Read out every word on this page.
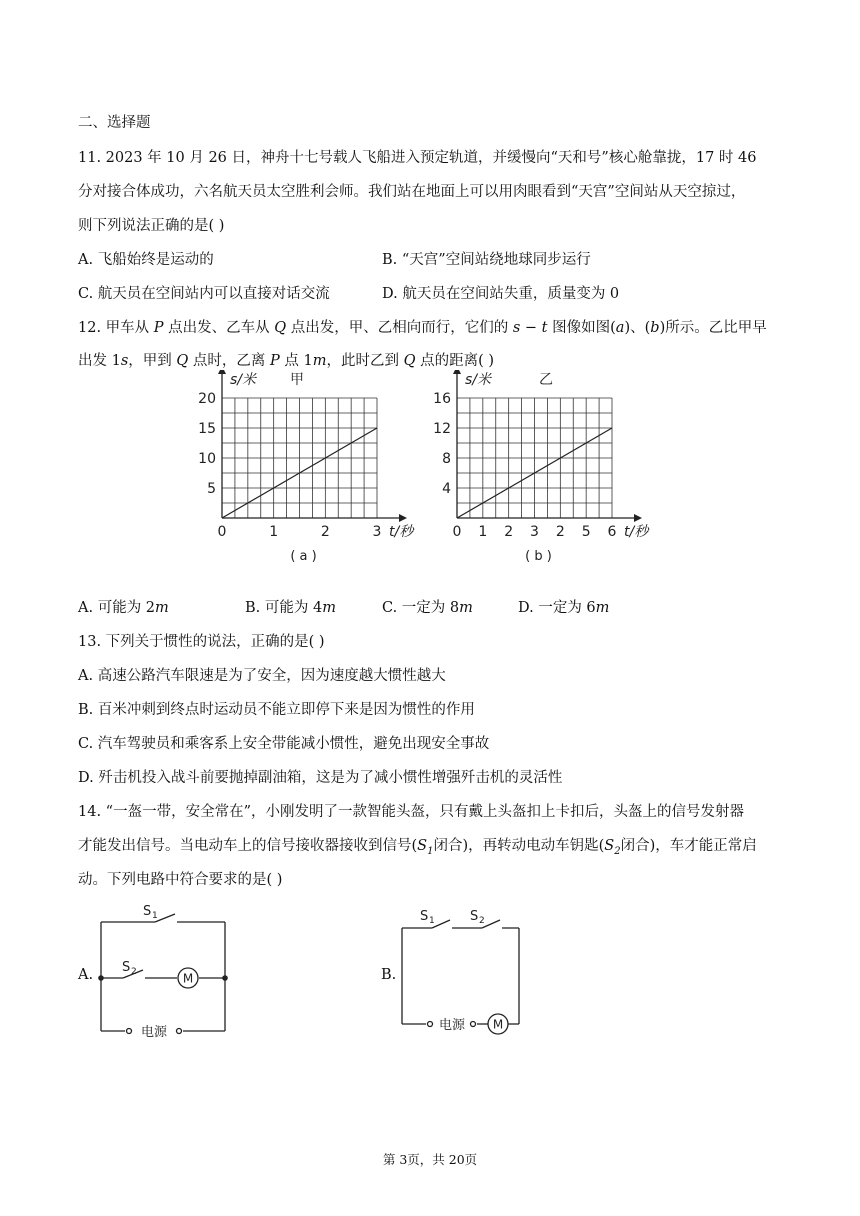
二、选择题
11. 2023 年 10 月 26 日，神舟十七号载人飞船进入预定轨道，并缓慢向“天和号”核心舱靠拢，17 时 46
分对接合体成功，六名航天员太空胜利会师。我们站在地面上可以用肉眼看到“天宫”空间站从天空掠过，
则下列说法正确的是( )
A. 飞船始终是运动的	B. “天宫”空间站绕地球同步运行
C. 航天员在空间站内可以直接对话交流	D. 航天员在空间站失重，质量变为 0
12. 甲车从 P 点出发、乙车从 Q 点出发，甲、乙相向而行，它们的 s − t 图像如图(a)、(b)所示。乙比甲早
出发 1s，甲到 Q 点时，乙离 P 点 1m，此时乙到 Q 点的距离( )
0	1	2	3
5
10
15
20
s/米 甲
t/秒
( a )
0 1 2 3 2 5 6
4
8
12
16
s/米	乙
t/秒
( b )
A. 可能为 2m	B. 可能为 4m	C. 一定为 8m	D. 一定为 6m
13. 下列关于惯性的说法，正确的是( )
A. 高速公路汽车限速是为了安全，因为速度越大惯性越大
B. 百米冲刺到终点时运动员不能立即停下来是因为惯性的作用
C. 汽车驾驶员和乘客系上安全带能减小惯性，避免出现安全事故
D. 歼击机投入战斗前要抛掉副油箱，这是为了减小惯性增强歼击机的灵活性
14. “一盔一带，安全常在”，小刚发明了一款智能头盔，只有戴上头盔扣上卡扣后，头盔上的信号发射器
才能发出信号。当电动车上的信号接收器接收到信号($S_1$闭合)，再转动电动车钥匙($S_2$闭合)，车才能正常启
动。下列电路中符合要求的是( )
A.
S 1
S 2	M
电源
B.
S 1	S 2
电源 M
第 3页，共 20页
